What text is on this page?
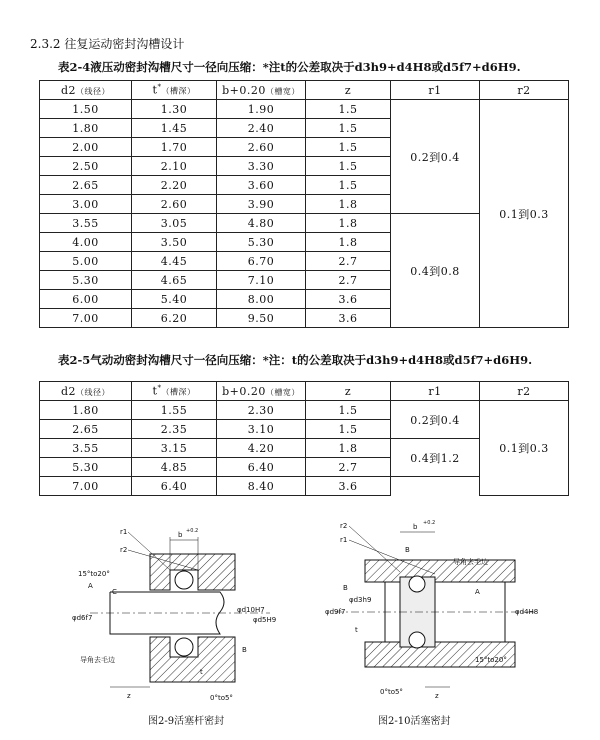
2.3.2 往复运动密封沟槽设计
表2-4液压动密封沟槽尺寸一径向压缩：*注t的公差取决于d3h9+d4H8或d5f7+d6H9.
d2（线径）	t*（槽深）	b+0.20（槽宽）	z	r1	r2
1.50	1.30	1.90	1.5	0.2到0.4	0.1到0.3
1.80	1.45	2.40	1.5		
2.00	1.70	2.60	1.5		
2.50	2.10	3.30	1.5		
2.65	2.20	3.60	1.5		
3.00	2.60	3.90	1.8		
3.55	3.05	4.80	1.8	0.4到0.8	
4.00	3.50	5.30	1.8		
5.00	4.45	6.70	2.7		
5.30	4.65	7.10	2.7		
6.00	5.40	8.00	3.6		
7.00	6.20	9.50	3.6		
表2-5气动动密封沟槽尺寸一径向压缩：*注：t的公差取决于d3h9+d4H8或d5f7+d6H9.
d2（线径）	t*（槽深）	b+0.20（槽宽）	z	r1	r2
1.80	1.55	2.30	1.5	0.2到0.4	0.1到0.3
2.65	2.35	3.10	1.5		
3.55	3.15	4.20	1.8	0.4到1.2	
5.30	4.85	6.40	2.7		
7.00	6.40	8.40	3.6	
b +0.2
r1
r2
15°to20°
A
C
φd6f7
φd10H7
φd5H9
导角去毛边
B
z
t
0°to5°
图2-9活塞杆密封
b +0.2
r2
r1
B
导角去毛边
B	A
φd9f7
φd3h9
φd4H8
t
15°to20°
z
0°to5°
图2-10活塞密封
